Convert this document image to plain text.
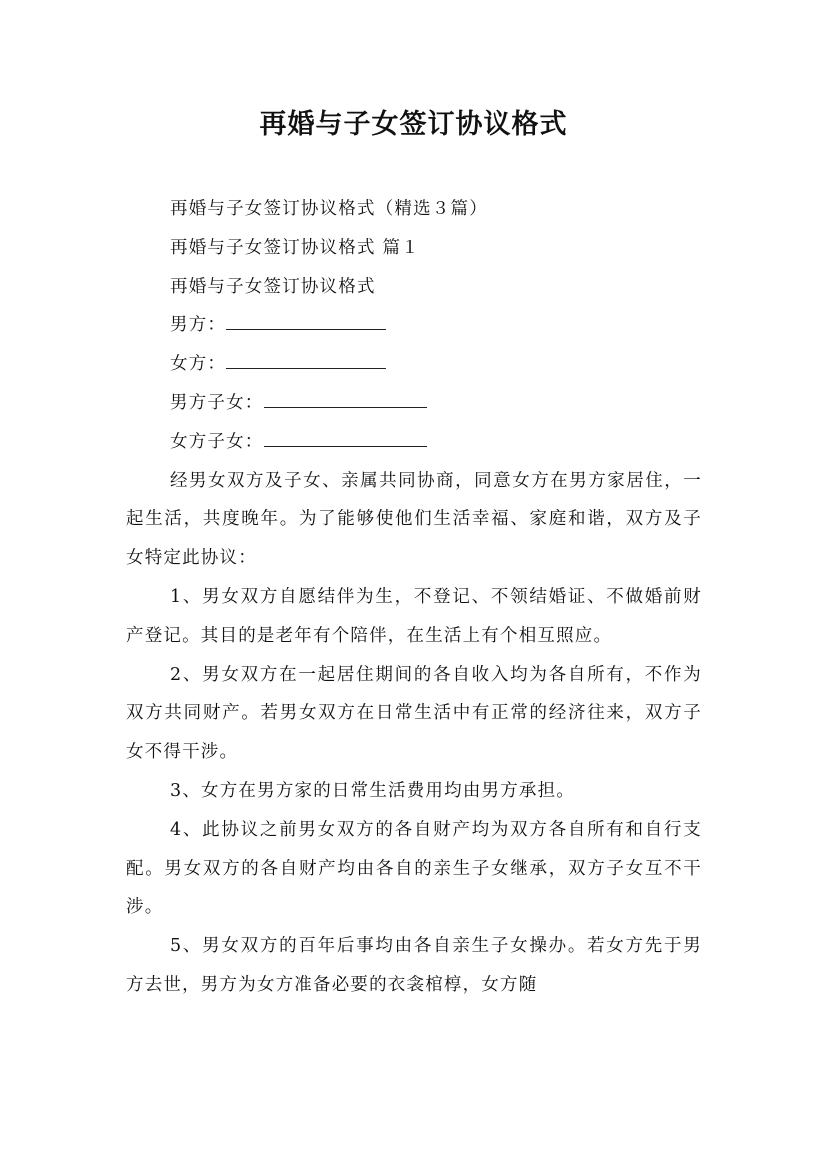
再婚与子女签订协议格式

再婚与子女签订协议格式（精选３篇）

再婚与子女签订协议格式 篇１

再婚与子女签订协议格式

男方：

女方：

男方子女：

女方子女：

经男女双方及子女、亲属共同协商，同意女方在男方家居住，一起生活，共度晚年。为了能够使他们生活幸福、家庭和谐，双方及子女特定此协议：

1、男女双方自愿结伴为生，不登记、不领结婚证、不做婚前财产登记。其目的是老年有个陪伴，在生活上有个相互照应。

2、男女双方在一起居住期间的各自收入均为各自所有，不作为双方共同财产。若男女双方在日常生活中有正常的经济往来，双方子女不得干涉。

3、女方在男方家的日常生活费用均由男方承担。

4、此协议之前男女双方的各自财产均为双方各自所有和自行支配。男女双方的各自财产均由各自的亲生子女继承，双方子女互不干涉。

5、男女双方的百年后事均由各自亲生子女操办。若女方先于男方去世，男方为女方准备必要的衣衾棺椁，女方随
